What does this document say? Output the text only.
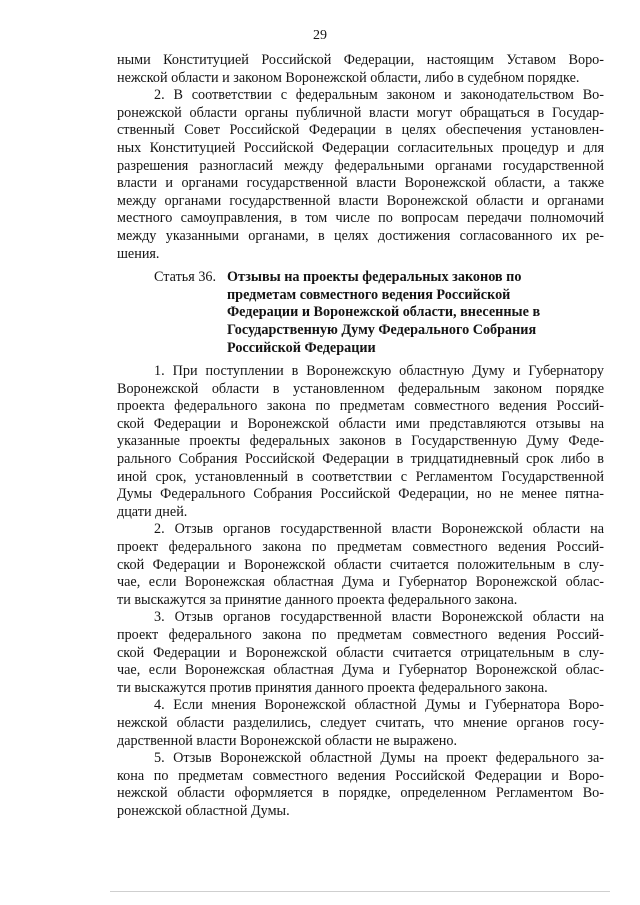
29
ными Конституцией Российской Федерации, настоящим Уставом Воро-
нежской области и законом Воронежской области, либо в судебном порядке.
2. В соответствии с федеральным законом и законодательством Во-
ронежской области органы публичной власти могут обращаться в Государ-
ственный Совет Российской Федерации в целях обеспечения установлен-
ных Конституцией Российской Федерации согласительных процедур и для
разрешения разногласий между федеральными органами государственной
власти и органами государственной власти Воронежской области, а также
между органами государственной власти Воронежской области и органами
местного самоуправления, в том числе по вопросам передачи полномочий
между указанными органами, в целях достижения согласованного их ре-
шения.
Статья 36. Отзывы на проекты федеральных законов по
предметам совместного ведения Российской
Федерации и Воронежской области, внесенные в
Государственную Думу Федерального Собрания
Российской Федерации
1. При поступлении в Воронежскую областную Думу и Губернатору
Воронежской области в установленном федеральным законом порядке
проекта федерального закона по предметам совместного ведения Россий-
ской Федерации и Воронежской области ими представляются отзывы на
указанные проекты федеральных законов в Государственную Думу Феде-
рального Собрания Российской Федерации в тридцатидневный срок либо в
иной срок, установленный в соответствии с Регламентом Государственной
Думы Федерального Собрания Российской Федерации, но не менее пятна-
дцати дней.
2. Отзыв органов государственной власти Воронежской области на
проект федерального закона по предметам совместного ведения Россий-
ской Федерации и Воронежской области считается положительным в слу-
чае, если Воронежская областная Дума и Губернатор Воронежской облас-
ти выскажутся за принятие данного проекта федерального закона.
3. Отзыв органов государственной власти Воронежской области на
проект федерального закона по предметам совместного ведения Россий-
ской Федерации и Воронежской области считается отрицательным в слу-
чае, если Воронежская областная Дума и Губернатор Воронежской облас-
ти выскажутся против принятия данного проекта федерального закона.
4. Если мнения Воронежской областной Думы и Губернатора Воро-
нежской области разделились, следует считать, что мнение органов госу-
дарственной власти Воронежской области не выражено.
5. Отзыв Воронежской областной Думы на проект федерального за-
кона по предметам совместного ведения Российской Федерации и Воро-
нежской области оформляется в порядке, определенном Регламентом Во-
ронежской областной Думы.
